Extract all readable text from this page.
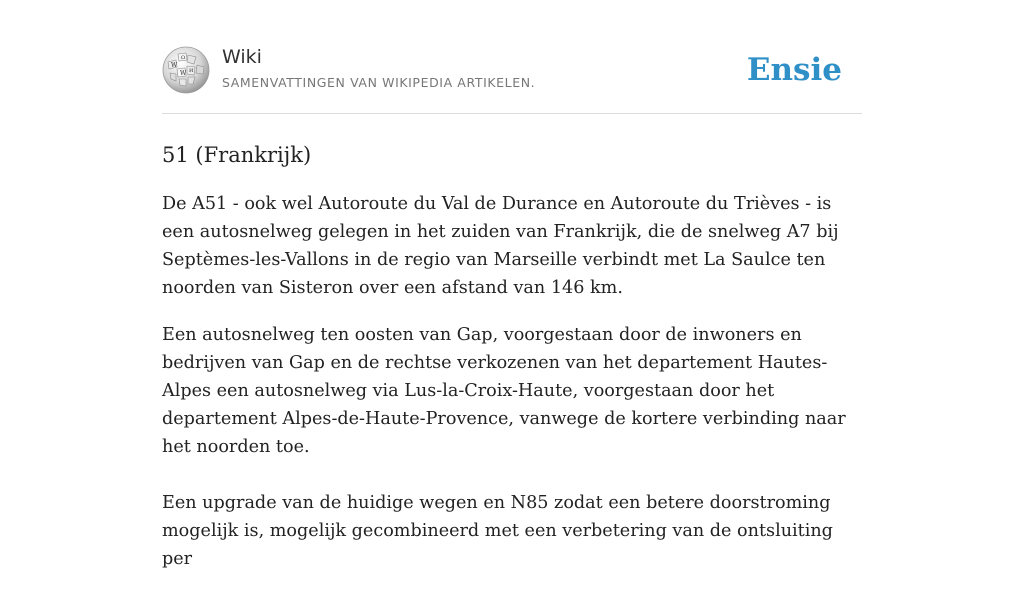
W
Ω
W И
Wiki
SAMENVATTINGEN VAN WIKIPEDIA ARTIKELEN.	Ensie
51 (Frankrijk)

De A51 - ook wel Autoroute du Val de Durance en Autoroute du Trièves - is een autosnelweg gelegen in het zuiden van Frankrijk, die de snelweg A7 bij Septèmes-les-Vallons in de regio van Marseille verbindt met La Saulce ten noorden van Sisteron over een afstand van 146 km.

Een autosnelweg ten oosten van Gap, voorgestaan door de inwoners en bedrijven van Gap en de rechtse verkozenen van het departement Hautes-Alpes een autosnelweg via Lus-la-Croix-Haute, voorgestaan door het departement Alpes-de-Haute-Provence, vanwege de kortere verbinding naar het noorden toe.

Een upgrade van de huidige wegen en N85 zodat een betere doorstroming mogelijk is, mogelijk gecombineerd met een verbetering van de ontsluiting per
